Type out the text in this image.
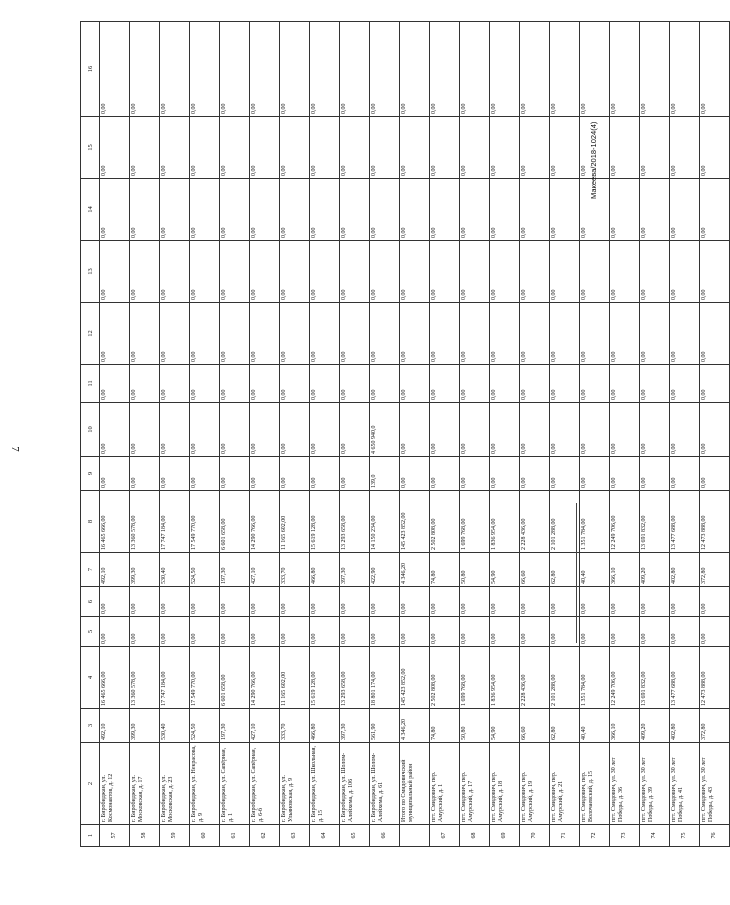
7
1	2	3	4	5	6	7	8	9	10	11	12	13	14	15	16
57	г. Биробиджан, ул. Космонавтов, д. 12	492,10	16 465 666,00	0,00	0,00	492,10	16 465 666,00	0,00	0,00	0,00	0,00	0,00	0,00	0,00	0,00
58	г. Биробиджан, ул. Московская, д. 17	399,30	13 360 578,00	0,00	0,00	399,30	13 360 578,00	0,00	0,00	0,00	0,00	0,00	0,00	0,00	0,00
59	г. Биробиджан, ул. Московская, д. 23	530,40	17 747 184,00	0,00	0,00	530,40	17 747 184,00	0,00	0,00	0,00	0,00	0,00	0,00	0,00	0,00
60	г. Биробиджан, ул. Некрасова, д. 9	524,50	17 549 770,00	0,00	0,00	524,50	17 549 770,00	0,00	0,00	0,00	0,00	0,00	0,00	0,00	0,00
61	г. Биробиджан, ул. Сапёрная, д. 1	197,30	6 601 658,00	0,00	0,00	197,30	6 601 658,00	0,00	0,00	0,00	0,00	0,00	0,00	0,00	0,00
62	г. Биробиджан, ул. Сапёрная, д. 6-б	427,10	14 290 766,00	0,00	0,00	427,10	14 290 766,00	0,00	0,00	0,00	0,00	0,00	0,00	0,00	0,00
63	г. Биробиджан, ул. Ульяновская, д. 9	333,70	11 165 602,00	0,00	0,00	333,70	11 165 602,00	0,00	0,00	0,00	0,00	0,00	0,00	0,00	0,00
64	г. Биробиджан, ул. Школьная, д. 15	466,80	15 619 128,00	0,00	0,00	466,80	15 619 128,00	0,00	0,00	0,00	0,00	0,00	0,00	0,00	0,00
65	г. Биробиджан, ул. Шолом-Алейхема, д. 106	397,30	13 293 658,00	0,00	0,00	397,30	13 293 658,00	0,00	0,00	0,00	0,00	0,00	0,00	0,00	0,00
66	г. Биробиджан, ул. Шолом-Алейхема, д. 61	561,90	18 801 174,00	0,00	0,00	422,90	14 150 234,00	139,0	4 650 940,0	0,00	0,00	0,00	0,00	0,00	0,00
	Итого по Смидовичский муниципальный район	4 346,20	145 423 852,00	0,00	0,00	4 346,20	145 423 852,00	0,00	0,00	0,00	0,00	0,00	0,00	0,00	0,00
67	пгт. Смидович, пер. Амурский, д. 1	74,80	2 502 808,00	0,00	0,00	74,80	2 502 808,00	0,00	0,00	0,00	0,00	0,00	0,00	0,00	0,00
68	пгт. Смидович, пер. Амурский, д. 17	50,80	1 699 768,00	0,00	0,00	50,80	1 699 768,00	0,00	0,00	0,00	0,00	0,00	0,00	0,00	0,00
69	пгт. Смидович, пер. Амурский, д. 18	54,90	1 836 954,00	0,00	0,00	54,90	1 836 954,00	0,00	0,00	0,00	0,00	0,00	0,00	0,00	0,00
70	пгт. Смидович, пер. Амурский, д. 19	66,60	2 228 436,00	0,00	0,00	66,60	2 228 436,00	0,00	0,00	0,00	0,00	0,00	0,00	0,00	0,00
71	пгт. Смидович, пер. Амурский, д. 21	62,80	2 101 288,00	0,00	0,00	62,80	2 101 288,00	0,00	0,00	0,00	0,00	0,00	0,00	0,00	0,00
72	пгт. Смидович, пер. Волочаевский, д. 15	40,40	1 351 784,00	0,00	0,00	40,40	1 351 784,00	0,00	0,00	0,00	0,00	0,00	0,00	0,00	0,00
73	пгт. Смидович, ул. 30 лет Победы, д. 36	366,10	12 249 706,00	0,00	0,00	366,10	12 249 706,00	0,00	0,00	0,00	0,00	0,00	0,00	0,00	0,00
74	пгт. Смидович, ул. 30 лет Победы, д. 39	409,20	13 691 832,00	0,00	0,00	409,20	13 691 832,00	0,00	0,00	0,00	0,00	0,00	0,00	0,00	0,00
75	пгт. Смидович, ул. 30 лет Победы, д. 41	402,80	13 477 688,00	0,00	0,00	402,80	13 477 688,00	0,00	0,00	0,00	0,00	0,00	0,00	0,00	0,00
76	пгт. Смидович, ул. 30 лет Победы, д. 43	372,80	12 473 888,00	0,00	0,00	372,80	12 473 888,00	0,00	0,00	0,00	0,00	0,00	0,00	0,00	0,00
Макеева/2018-1024(4)
